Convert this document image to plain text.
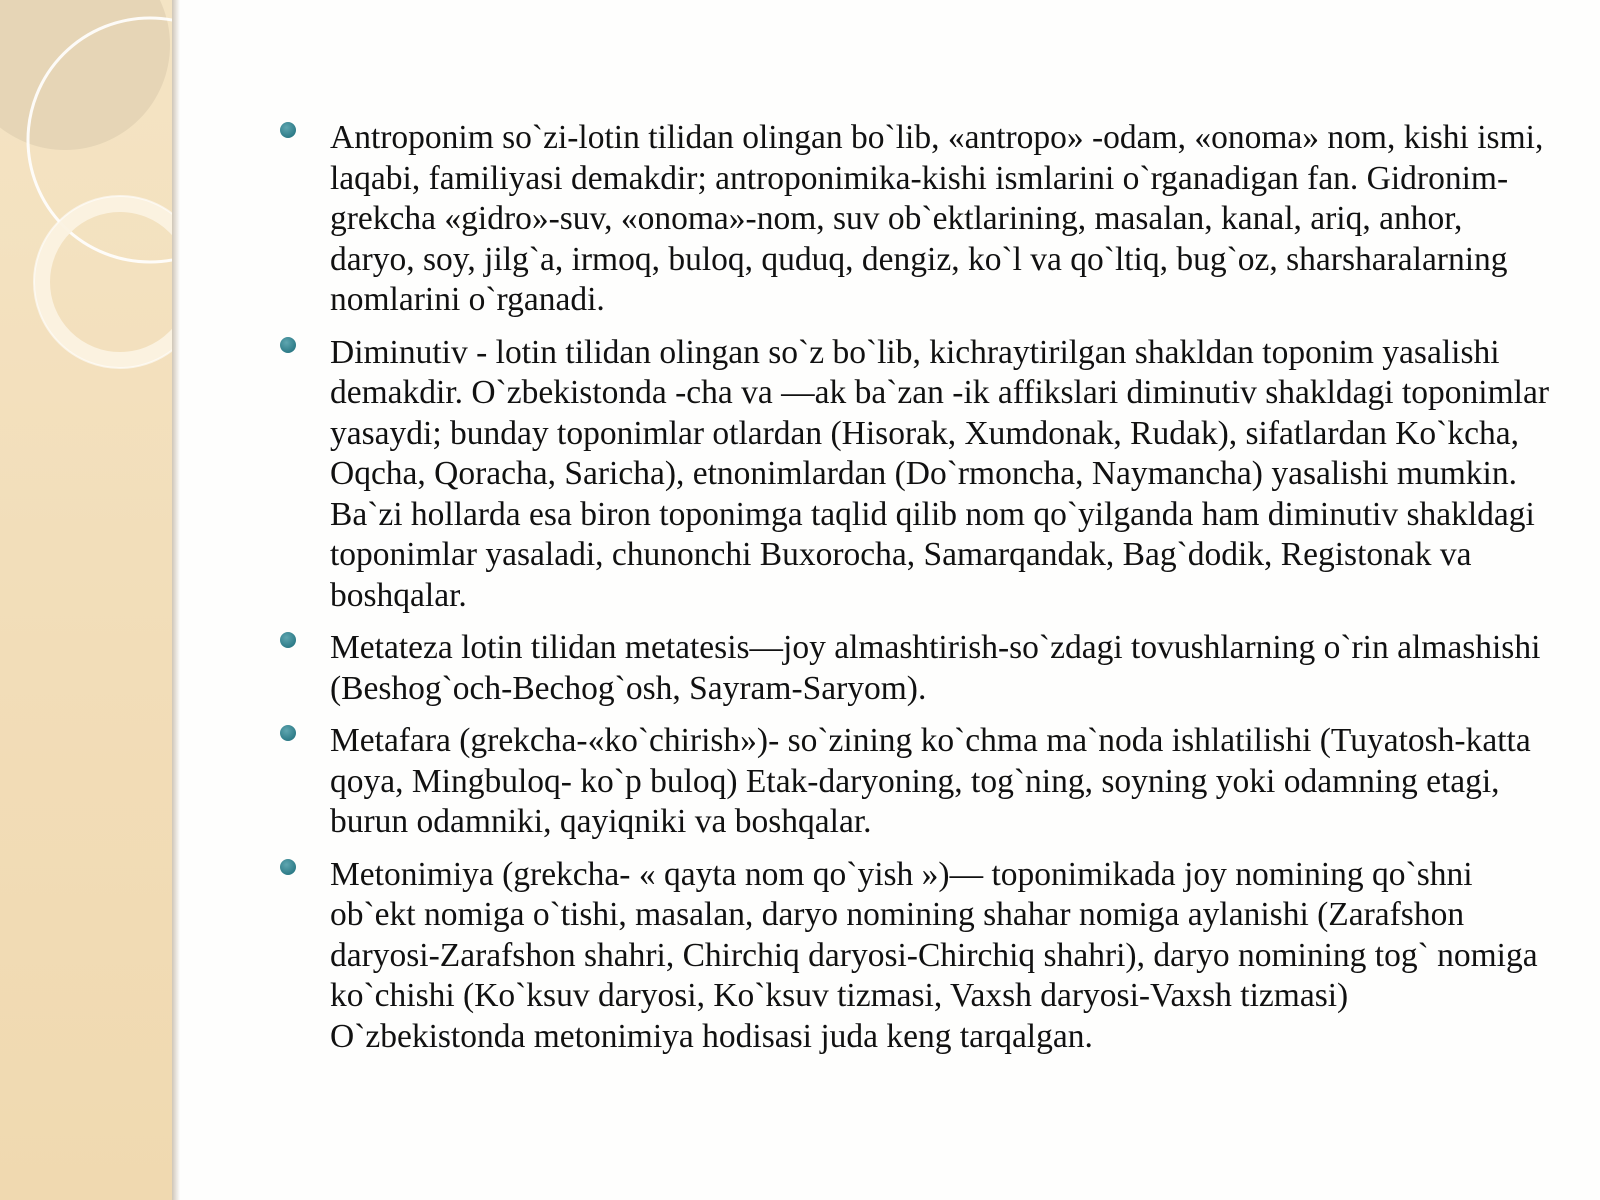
Antroponim so`zi-lotin tilidan olingan bo`lib, «antropo» -odam, «onoma» nom, kishi ismi, laqabi, familiyasi demakdir; antroponimika-kishi ismlarini o`rganadigan fan. Gidronim-grekcha «gidro»-suv, «onoma»-nom, suv ob`ektlarining, masalan, kanal, ariq, anhor, daryo, soy, jilg`a, irmoq, buloq, quduq, dengiz, ko`l va qo`ltiq, bug`oz, sharsharalarning nomlarini o`rganadi.
Diminutiv - lotin tilidan olingan so`z bo`lib, kichraytirilgan shakldan toponim yasalishi demakdir. O`zbekistonda -cha va —ak ba`zan -ik affikslari diminutiv shakldagi toponimlar yasaydi; bunday toponimlar otlardan (Hisorak, Xumdonak, Rudak), sifatlardan Ko`kcha, Oqcha, Qoracha, Saricha), etnonimlardan (Do`rmoncha, Naymancha) yasalishi mumkin. Ba`zi hollarda esa biron toponimga taqlid qilib nom qo`yilganda ham diminutiv shakldagi toponimlar yasaladi, chunonchi Buxorocha, Samarqandak, Bag`dodik, Registonak va boshqalar.
Metateza lotin tilidan metatesis—joy almashtirish-so`zdagi tovushlarning o`rin almashishi (Beshog`och-Bechog`osh, Sayram-Saryom).
Metafara (grekcha-«ko`chirish»)- so`zining ko`chma ma`noda ishlatilishi (Tuyatosh-katta qoya, Mingbuloq- ko`p buloq) Etak-daryoning, tog`ning, soyning yoki odamning etagi, burun odamniki, qayiqniki va boshqalar.
Metonimiya (grekcha- « qayta nom qo`yish »)— toponimikada joy nomining qo`shni ob`ekt nomiga o`tishi, masalan, daryo nomining shahar nomiga aylanishi (Zarafshon daryosi-Zarafshon shahri, Chirchiq daryosi-Chirchiq shahri), daryo nomining tog` nomiga ko`chishi (Ko`ksuv daryosi, Ko`ksuv tizmasi, Vaxsh daryosi-Vaxsh tizmasi) O`zbekistonda metonimiya hodisasi juda keng tarqalgan.
